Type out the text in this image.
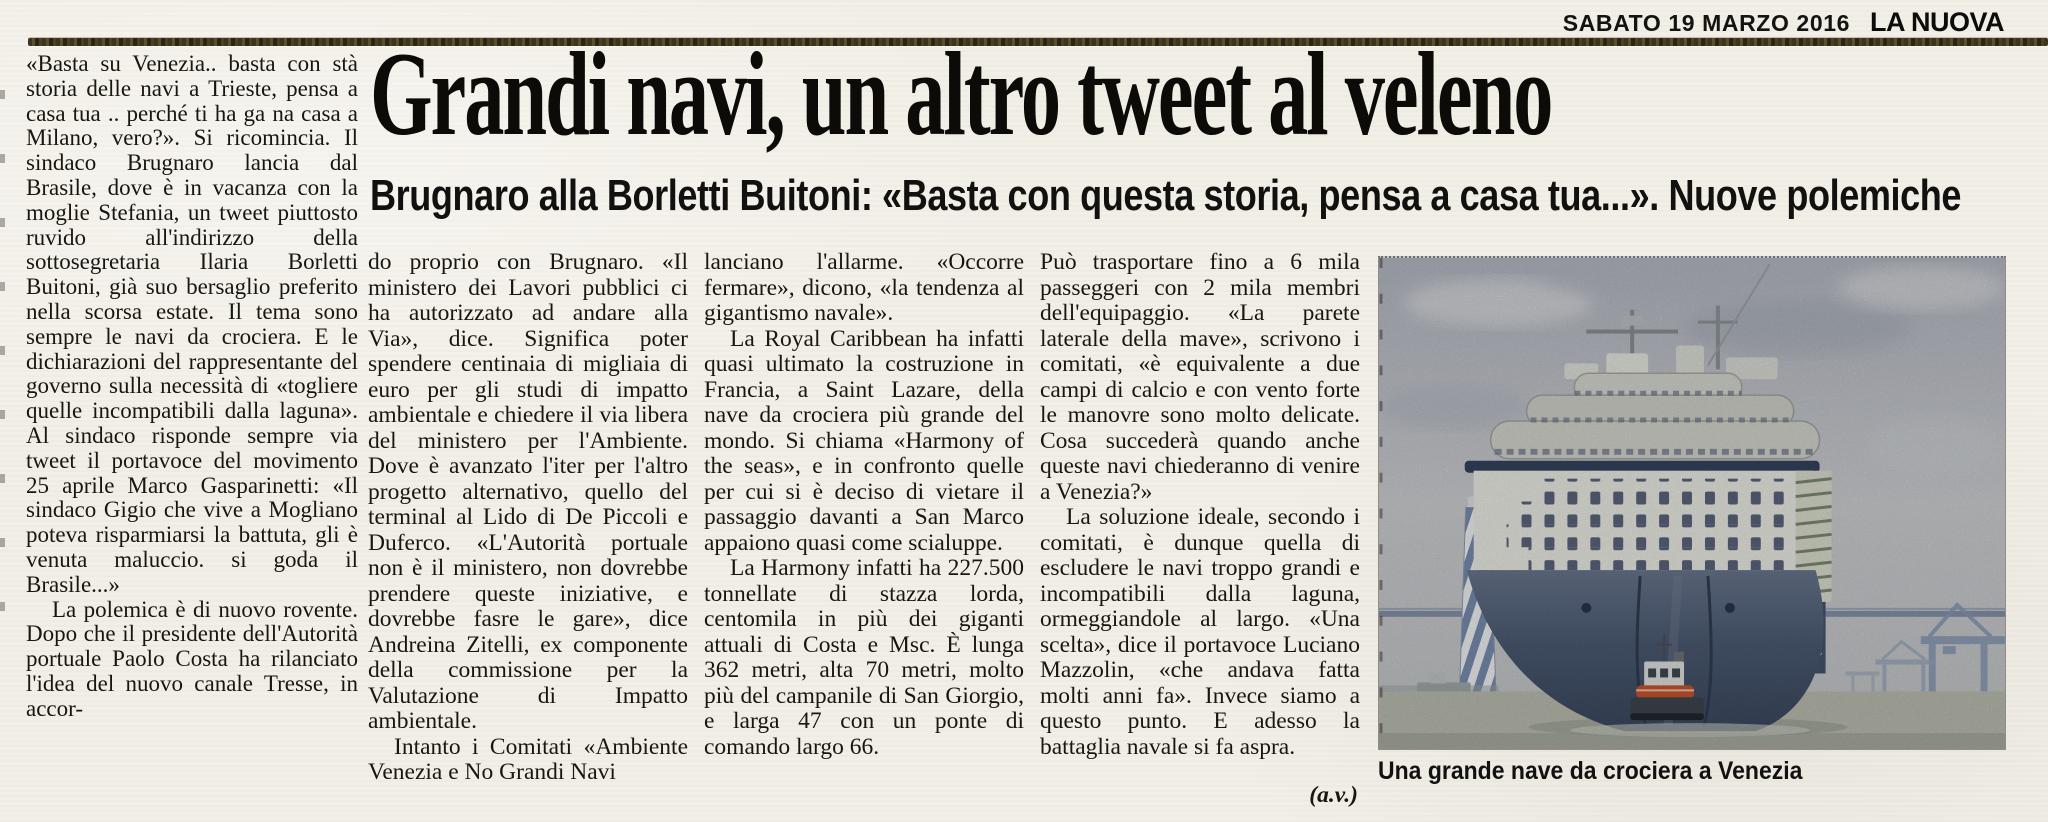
SABATO 19 MARZO 2016 LA NUOVA
Grandi navi, un altro tweet al veleno
Brugnaro alla Borletti Buitoni: «Basta con questa storia, pensa a casa tua...». Nuove polemiche

«Basta su Venezia.. basta con stà storia delle navi a Trieste, pensa a casa tua .. perché ti ha ga na casa a Milano, vero?». Si ricomincia. Il sindaco Brugnaro lancia dal Brasile, dove è in vacanza con la moglie Stefania, un tweet piuttosto ruvido all'indirizzo della sottosegretaria Ilaria Borletti Buitoni, già suo bersaglio preferito nella scorsa estate. Il tema sono sempre le navi da crociera. E le dichiarazioni del rappresentante del governo sulla necessità di «togliere quelle incompatibili dalla laguna». Al sindaco risponde sempre via tweet il portavoce del movimento 25 aprile Marco Gasparinetti: «Il sindaco Gigio che vive a Mogliano poteva risparmiarsi la battuta, gli è venuta maluccio. si goda il Brasile...»

La polemica è di nuovo rovente. Dopo che il presidente dell'Autorità portuale Paolo Costa ha rilanciato l'idea del nuovo canale Tresse, in accor-

do proprio con Brugnaro. «Il ministero dei Lavori pubblici ci ha autorizzato ad andare alla Via», dice. Significa poter spendere centinaia di migliaia di euro per gli studi di impatto ambientale e chiedere il via libera del ministero per l'Ambiente. Dove è avanzato l'iter per l'altro progetto alternativo, quello del terminal al Lido di De Piccoli e Duferco. «L'Autorità portuale non è il ministero, non dovrebbe prendere queste iniziative, e dovrebbe fasre le gare», dice Andreina Zitelli, ex componente della commissione per la Valutazione di Impatto ambientale.

Intanto i Comitati «Ambiente Venezia e No Grandi Navi

lanciano l'allarme. «Occorre fermare», dicono, «la tendenza al gigantismo navale».

La Royal Caribbean ha infatti quasi ultimato la costruzione in Francia, a Saint Lazare, della nave da crociera più grande del mondo. Si chiama «Harmony of the seas», e in confronto quelle per cui si è deciso di vietare il passaggio davanti a San Marco appaiono quasi come scialuppe.

La Harmony infatti ha 227.500 tonnellate di stazza lorda, centomila in più dei giganti attuali di Costa e Msc. È lunga 362 metri, alta 70 metri, molto più del campanile di San Giorgio, e larga 47 con un ponte di comando largo 66.

Può trasportare fino a 6 mila passeggeri con 2 mila membri dell'equipaggio. «La parete laterale della mave», scrivono i comitati, «è equivalente a due campi di calcio e con vento forte le manovre sono molto delicate. Cosa succederà quando anche queste navi chiederanno di venire a Venezia?»

La soluzione ideale, secondo i comitati, è dunque quella di escludere le navi troppo grandi e incompatibili dalla laguna, ormeggiandole al largo. «Una scelta», dice il portavoce Luciano Mazzolin, «che andava fatta molti anni fa». Invece siamo a questo punto. E adesso la battaglia navale si fa aspra.

(a.v.)
Una grande nave da crociera a Venezia
